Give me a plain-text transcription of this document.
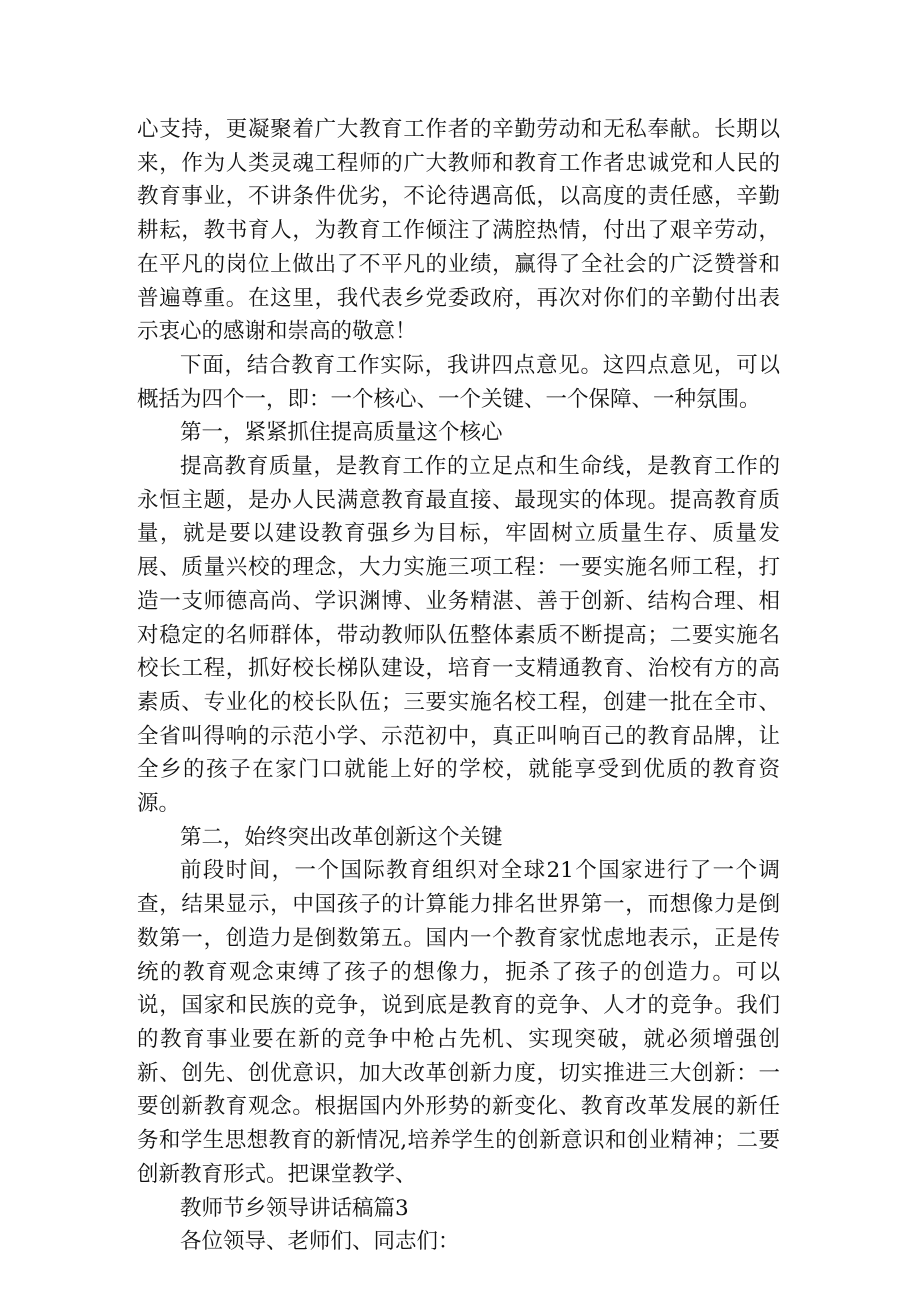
心支持，更凝聚着广大教育工作者的辛勤劳动和无私奉献。长期以来，作为人类灵魂工程师的广大教师和教育工作者忠诚党和人民的教育事业，不讲条件优劣，不论待遇高低，以高度的责任感，辛勤耕耘，教书育人，为教育工作倾注了满腔热情，付出了艰辛劳动，在平凡的岗位上做出了不平凡的业绩，赢得了全社会的广泛赞誉和普遍尊重。在这里，我代表乡党委政府，再次对你们的辛勤付出表示衷心的感谢和崇高的敬意！

下面，结合教育工作实际，我讲四点意见。这四点意见，可以概括为四个一，即：一个核心、一个关键、一个保障、一种氛围。

第一，紧紧抓住提高质量这个核心

提高教育质量，是教育工作的立足点和生命线，是教育工作的永恒主题，是办人民满意教育最直接、最现实的体现。提高教育质量，就是要以建设教育强乡为目标，牢固树立质量生存、质量发展、质量兴校的理念，大力实施三项工程：一要实施名师工程，打造一支师德高尚、学识渊博、业务精湛、善于创新、结构合理、相对稳定的名师群体，带动教师队伍整体素质不断提高；二要实施名校长工程，抓好校长梯队建设，培育一支精通教育、治校有方的高素质、专业化的校长队伍；三要实施名校工程，创建一批在全市、全省叫得响的示范小学、示范初中，真正叫响百己的教育品牌，让全乡的孩子在家门口就能上好的学校，就能享受到优质的教育资源。

第二，始终突出改革创新这个关键

前段时间，一个国际教育组织对全球21个国家进行了一个调查，结果显示，中国孩子的计算能力排名世界第一，而想像力是倒数第一，创造力是倒数第五。国内一个教育家忧虑地表示，正是传统的教育观念束缚了孩子的想像力，扼杀了孩子的创造力。可以说，国家和民族的竞争，说到底是教育的竞争、人才的竞争。我们的教育事业要在新的竞争中枪占先机、实现突破，就必须增强创新、创先、创优意识，加大改革创新力度，切实推进三大创新：一要创新教育观念。根据国内外形势的新变化、教育改革发展的新任务和学生思想教育的新情况,培养学生的创新意识和创业精神；二要创新教育形式。把课堂教学、

教师节乡领导讲话稿篇3

各位领导、老师们、同志们：
